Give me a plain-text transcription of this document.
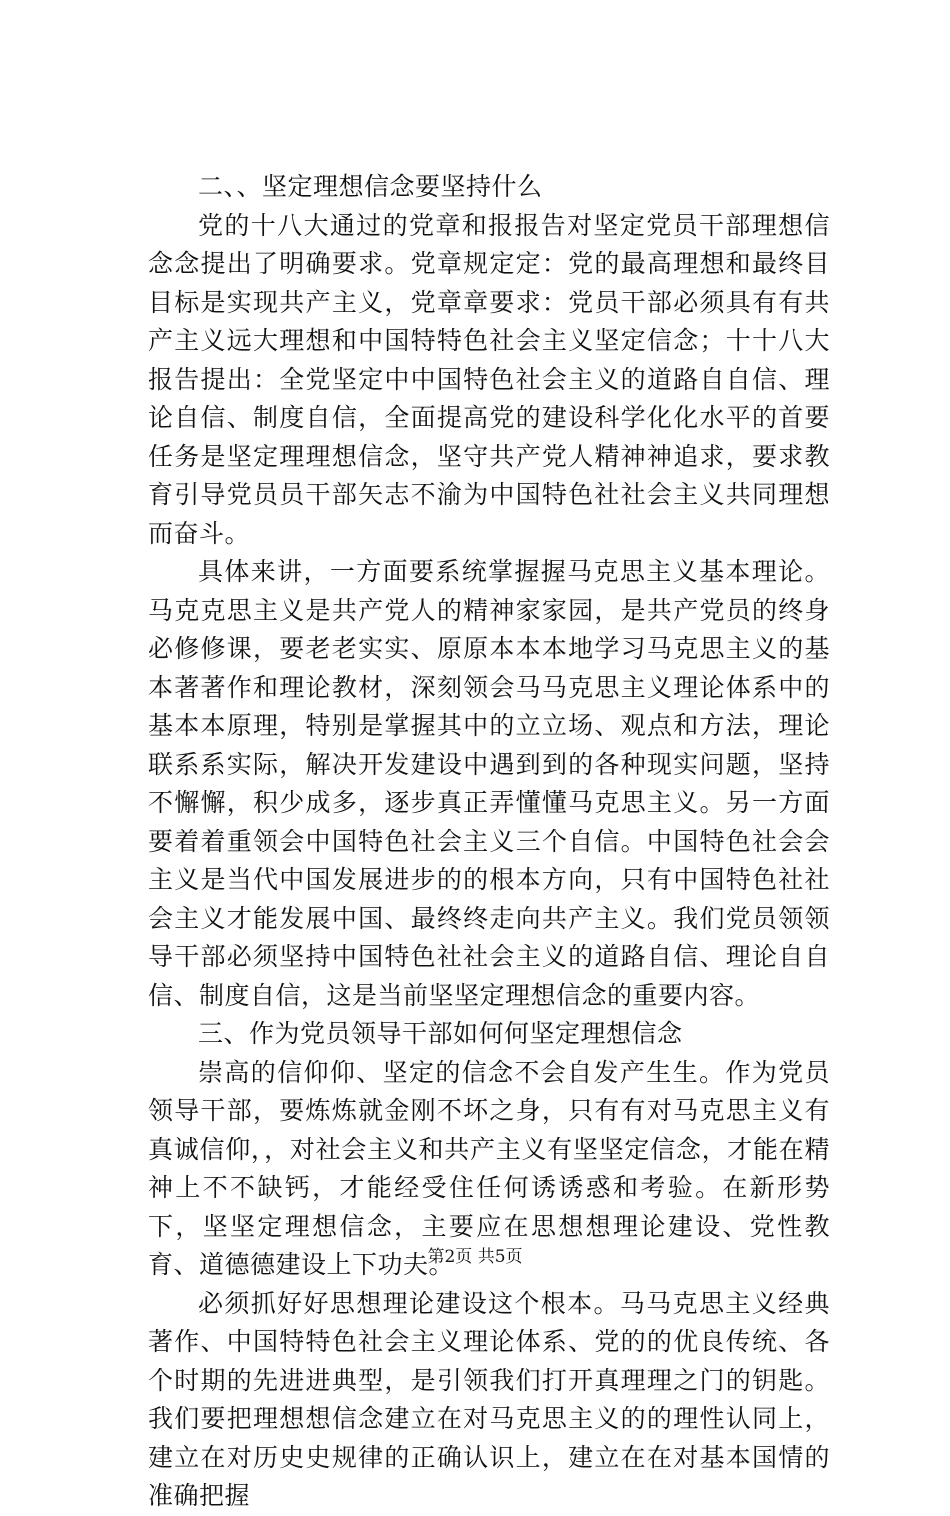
二、、坚定理想信念要坚持什么

党的十八大通过的党章和报报告对坚定党员干部理想信念念提出了明确要求。党章规定定：党的最高理想和最终目目标是实现共产主义，党章章要求：党员干部必须具有有共产主义远大理想和中国特特色社会主义坚定信念；十十八大报告提出：全党坚定中中国特色社会主义的道路自自信、理论自信、制度自信，全面提高党的建设科学化化水平的首要任务是坚定理理想信念，坚守共产党人精神神追求，要求教育引导党员员干部矢志不渝为中国特色社社会主义共同理想而奋斗。

具体来讲，一方面要系统掌握握马克思主义基本理论。马克克思主义是共产党人的精神家家园，是共产党员的终身必修修课，要老老实实、原原本本本地学习马克思主义的基本著著作和理论教材，深刻领会马马克思主义理论体系中的基本本原理，特别是掌握其中的立立场、观点和方法，理论联系系实际，解决开发建设中遇到到的各种现实问题，坚持不懈懈，积少成多，逐步真正弄懂懂马克思主义。另一方面要着着重领会中国特色社会主义三个自信。中国特色社会会主义是当代中国发展进步的的根本方向，只有中国特色社社会主义才能发展中国、最终终走向共产主义。我们党员领领导干部必须坚持中国特色社社会主义的道路自信、理论自自信、制度自信，这是当前坚坚定理想信念的重要内容。

三、作为党员领导干部如何何坚定理想信念

崇高的信仰仰、坚定的信念不会自发产生生。作为党员领导干部，要炼炼就金刚不坏之身，只有有对马克思主义有真诚信仰，，对社会主义和共产主义有坚坚定信念，才能在精神上不不缺钙，才能经受住任何诱诱惑和考验。在新形势下，坚坚定理想信念，主要应在思想想理论建设、党性教育、道德德建设上下功夫。

必须抓好好思想理论建设这个根本。马马克思主义经典著作、中国特特色社会主义理论体系、党的的优良传统、各个时期的先进进典型，是引领我们打开真理理之门的钥匙。我们要把理想想信念建立在对马克思主义的的理性认同上，建立在对历史史规律的正确认识上，建立在在对基本国情的准确把握

第2页 共5页
